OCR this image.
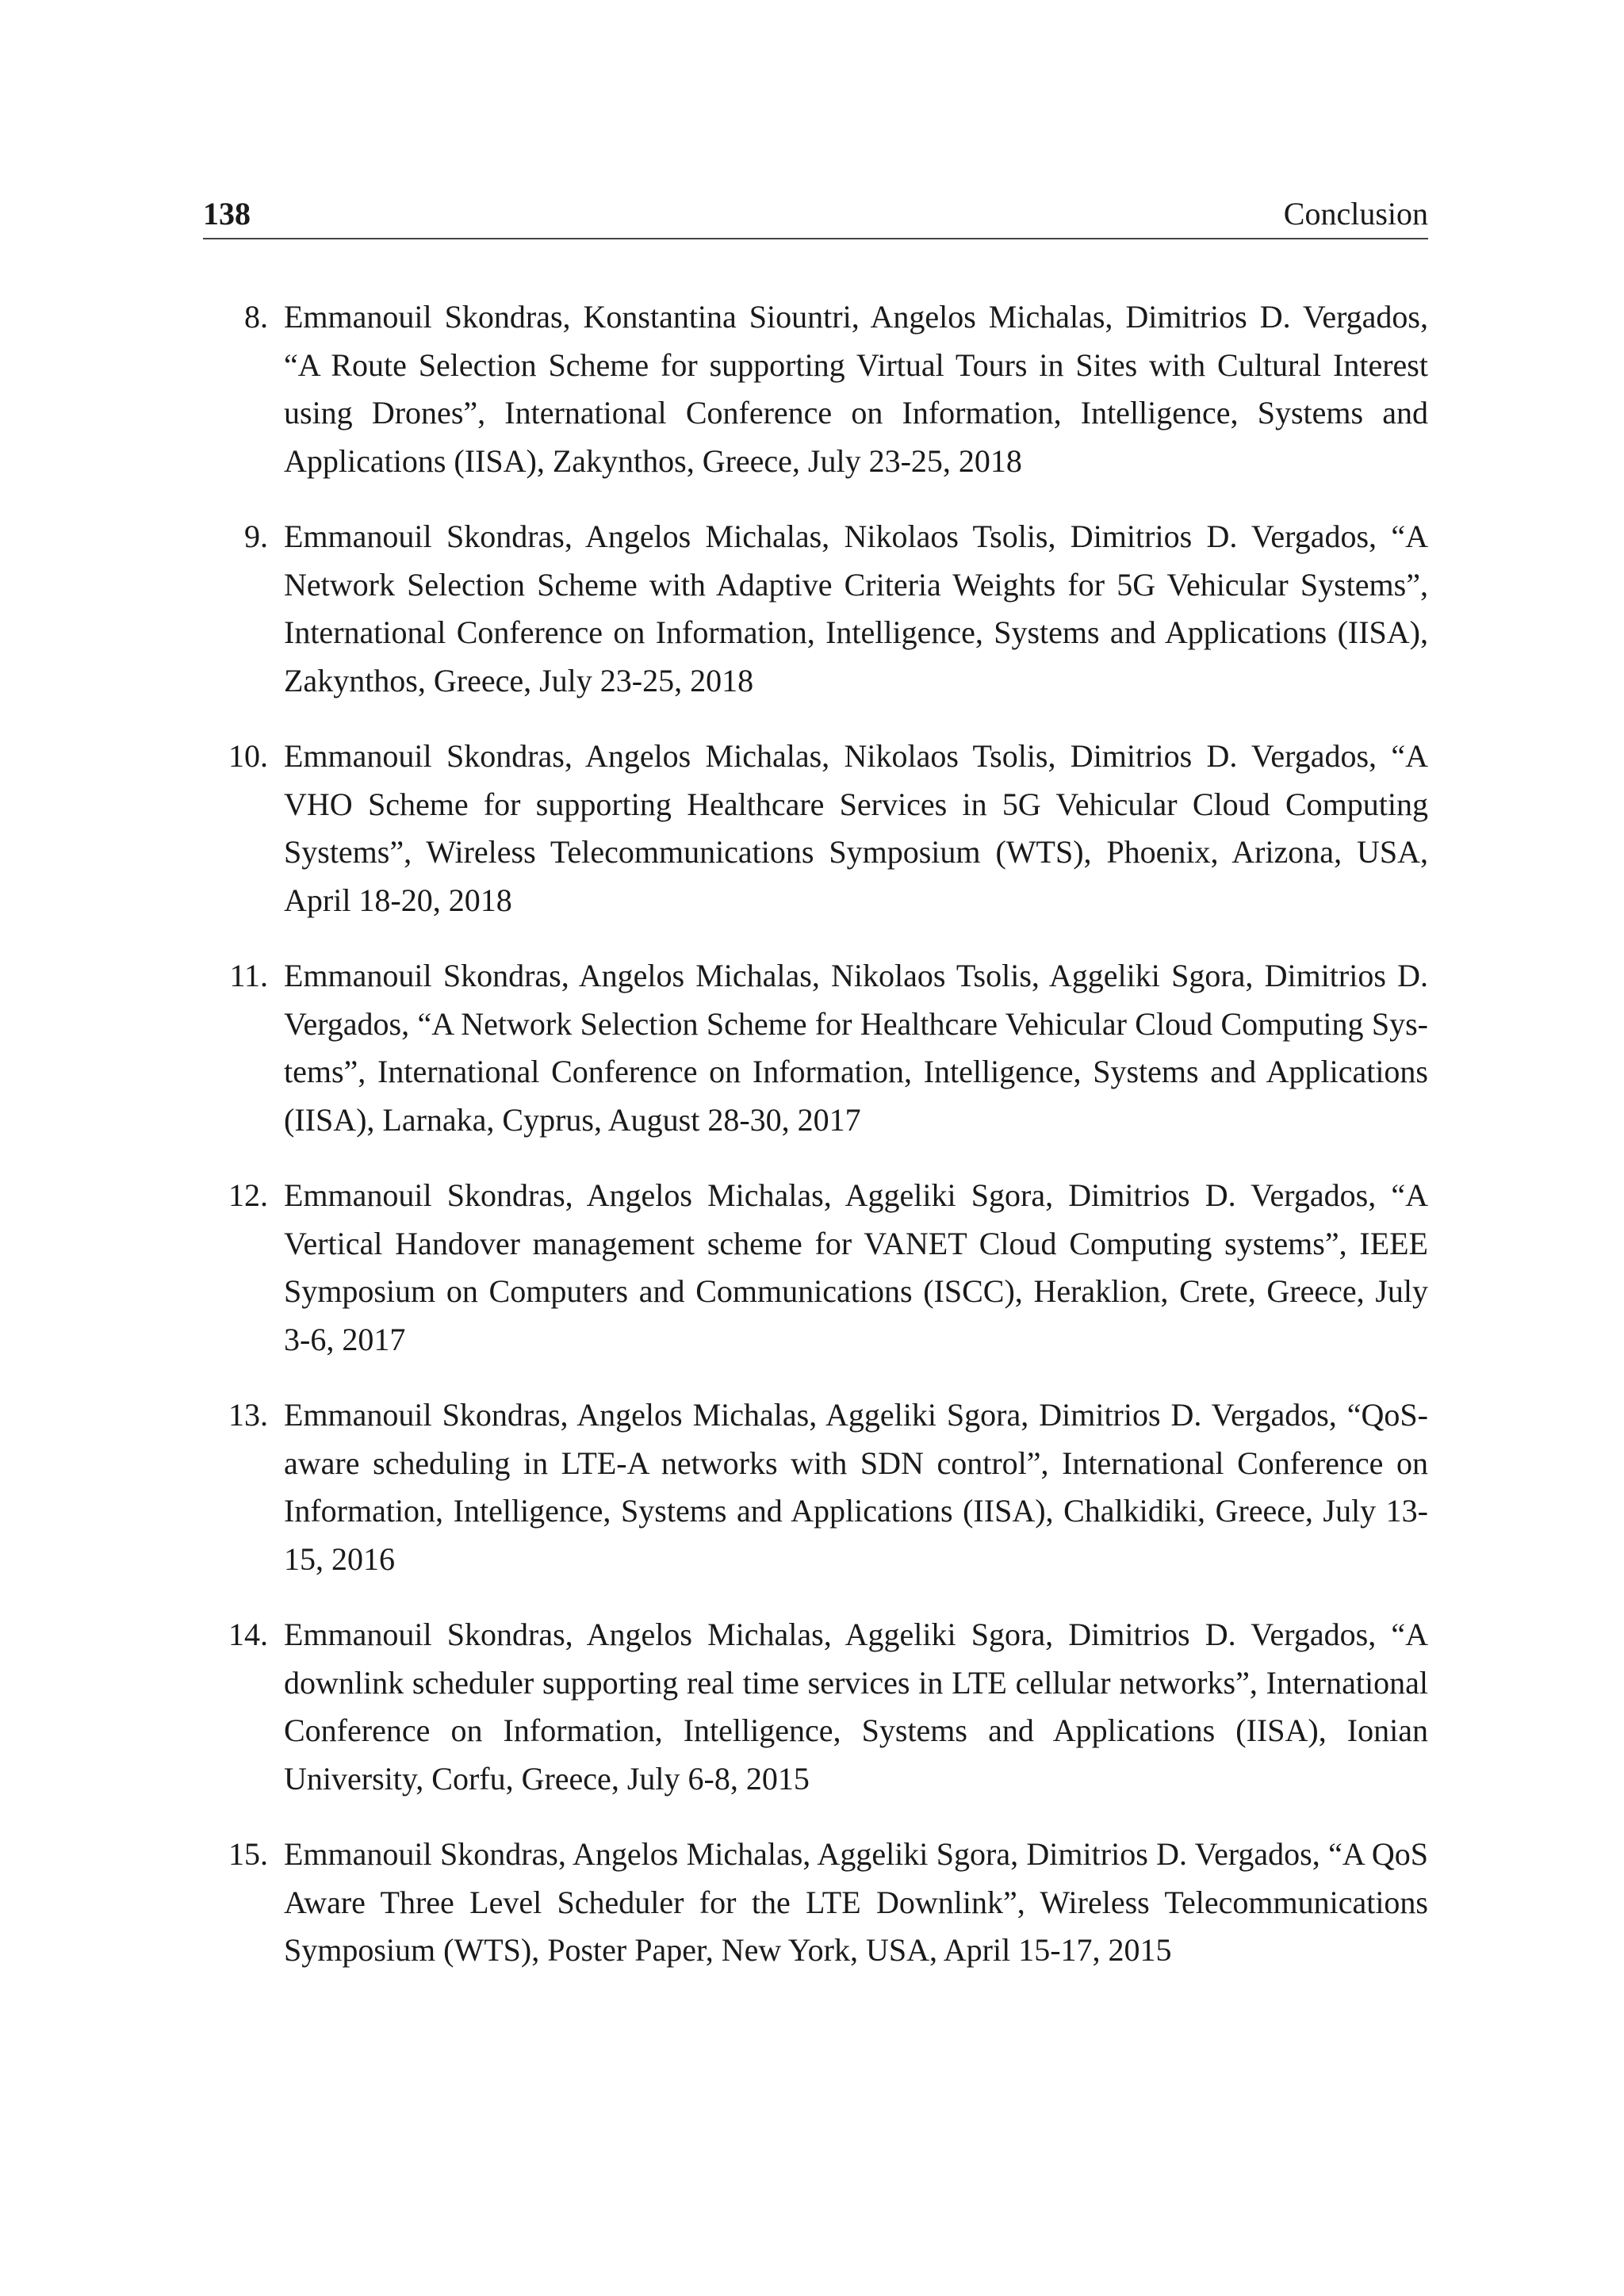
138	Conclusion
8. Emmanouil Skondras, Konstantina Siountri, Angelos Michalas, Dimitrios D. Vergados, “A Route Selection Scheme for supporting Virtual Tours in Sites with Cultural Interest using Drones”, International Conference on Information, Intelligence, Systems and Applications (IISA), Zakynthos, Greece, July 23-25, 2018
9. Emmanouil Skondras, Angelos Michalas, Nikolaos Tsolis, Dimitrios D. Vergados, “A Network Selection Scheme with Adaptive Criteria Weights for 5G Vehicular Systems”, International Conference on Information, Intelligence, Systems and Applications (IISA), Zakynthos, Greece, July 23-25, 2018
10. Emmanouil Skondras, Angelos Michalas, Nikolaos Tsolis, Dimitrios D. Vergados, “A VHO Scheme for supporting Healthcare Services in 5G Vehicular Cloud Computing Systems”, Wireless Telecommunications Symposium (WTS), Phoenix, Arizona, USA, April 18-20, 2018
11. Emmanouil Skondras, Angelos Michalas, Nikolaos Tsolis, Aggeliki Sgora, Dimitrios D. Vergados, “A Network Selection Scheme for Healthcare Vehicular Cloud Computing Systems”, International Conference on Information, Intelligence, Systems and Applications (IISA), Larnaka, Cyprus, August 28-30, 2017
12. Emmanouil Skondras, Angelos Michalas, Aggeliki Sgora, Dimitrios D. Vergados, “A Vertical Handover management scheme for VANET Cloud Computing systems”, IEEE Symposium on Computers and Communications (ISCC), Heraklion, Crete, Greece, July 3-6, 2017
13. Emmanouil Skondras, Angelos Michalas, Aggeliki Sgora, Dimitrios D. Vergados, “QoS-aware scheduling in LTE-A networks with SDN control”, International Conference on Information, Intelligence, Systems and Applications (IISA), Chalkidiki, Greece, July 13-15, 2016
14. Emmanouil Skondras, Angelos Michalas, Aggeliki Sgora, Dimitrios D. Vergados, “A downlink scheduler supporting real time services in LTE cellular networks”, International Conference on Information, Intelligence, Systems and Applications (IISA), Ionian University, Corfu, Greece, July 6-8, 2015
15. Emmanouil Skondras, Angelos Michalas, Aggeliki Sgora, Dimitrios D. Vergados, “A QoS Aware Three Level Scheduler for the LTE Downlink”, Wireless Telecommunications Symposium (WTS), Poster Paper, New York, USA, April 15-17, 2015
